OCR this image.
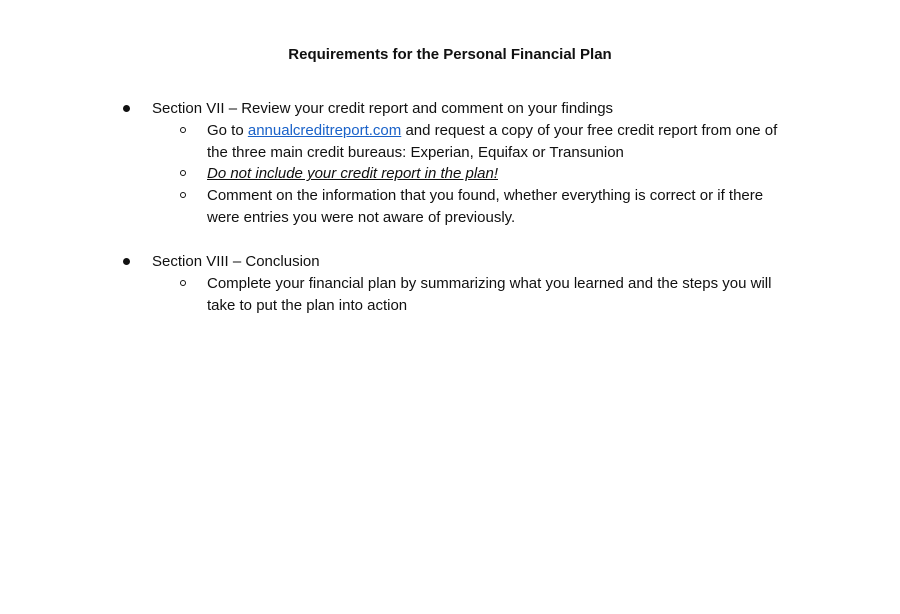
Requirements for the Personal Financial Plan
Section VII – Review your credit report and comment on your findings
Go to annualcreditreport.com and request a copy of your free credit report from one of the three main credit bureaus: Experian, Equifax or Transunion
Do not include your credit report in the plan!
Comment on the information that you found, whether everything is correct or if there were entries you were not aware of previously.
Section VIII – Conclusion
Complete your financial plan by summarizing what you learned and the steps you will take to put the plan into action
